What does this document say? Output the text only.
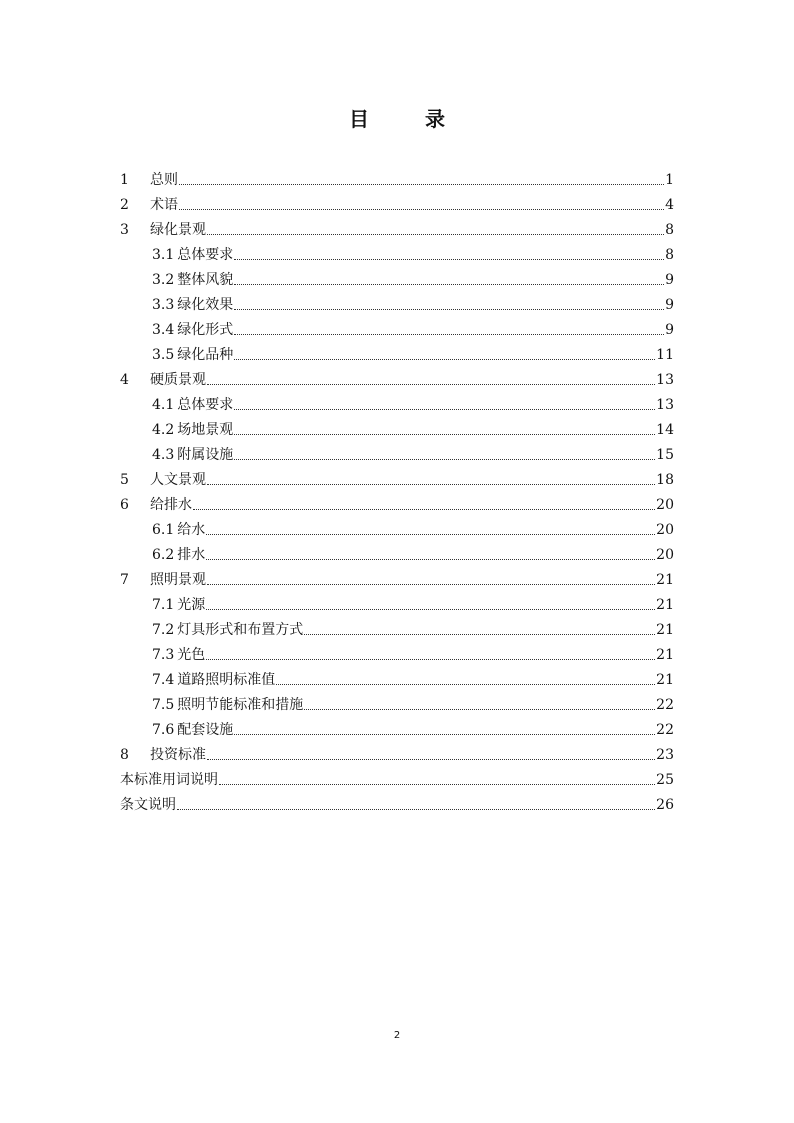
目	录
1	总则	1
2	术语	4
3	绿化景观	8
3.1 总体要求	8
3.2 整体风貌	9
3.3 绿化效果	9
3.4 绿化形式	9
3.5 绿化品种	11
4	硬质景观	13
4.1 总体要求	13
4.2 场地景观	14
4.3 附属设施	15
5	人文景观	18
6	给排水	20
6.1 给水	20
6.2 排水	20
7	照明景观	21
7.1 光源	21
7.2 灯具形式和布置方式	21
7.3 光色	21
7.4 道路照明标准值	21
7.5 照明节能标准和措施	22
7.6 配套设施	22
8	投资标准	23
本标准用词说明	25
条文说明	26
2
